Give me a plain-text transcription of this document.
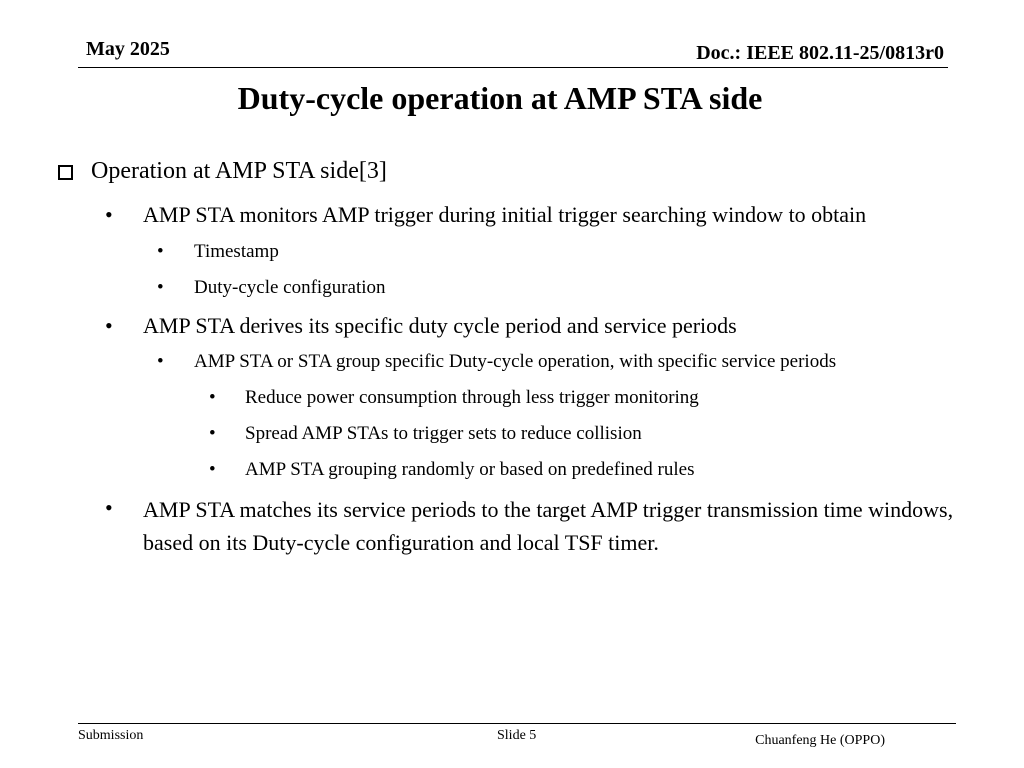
May 2025	Doc.: IEEE 802.11-25/0813r0
Duty-cycle operation at AMP STA side
Operation at AMP STA side[3]
• AMP STA monitors AMP trigger during initial trigger searching window to obtain
• Timestamp
• Duty-cycle configuration
• AMP STA derives its specific duty cycle period and service periods
• AMP STA or STA group specific Duty-cycle operation, with specific service periods
• Reduce power consumption through less trigger monitoring
• Spread AMP STAs to trigger sets to reduce collision
• AMP STA grouping randomly or based on predefined rules
• AMP STA matches its service periods to the target AMP trigger transmission time windows, based on its Duty-cycle configuration and local TSF timer.
Submission	Slide 5	Chuanfeng He (OPPO)
